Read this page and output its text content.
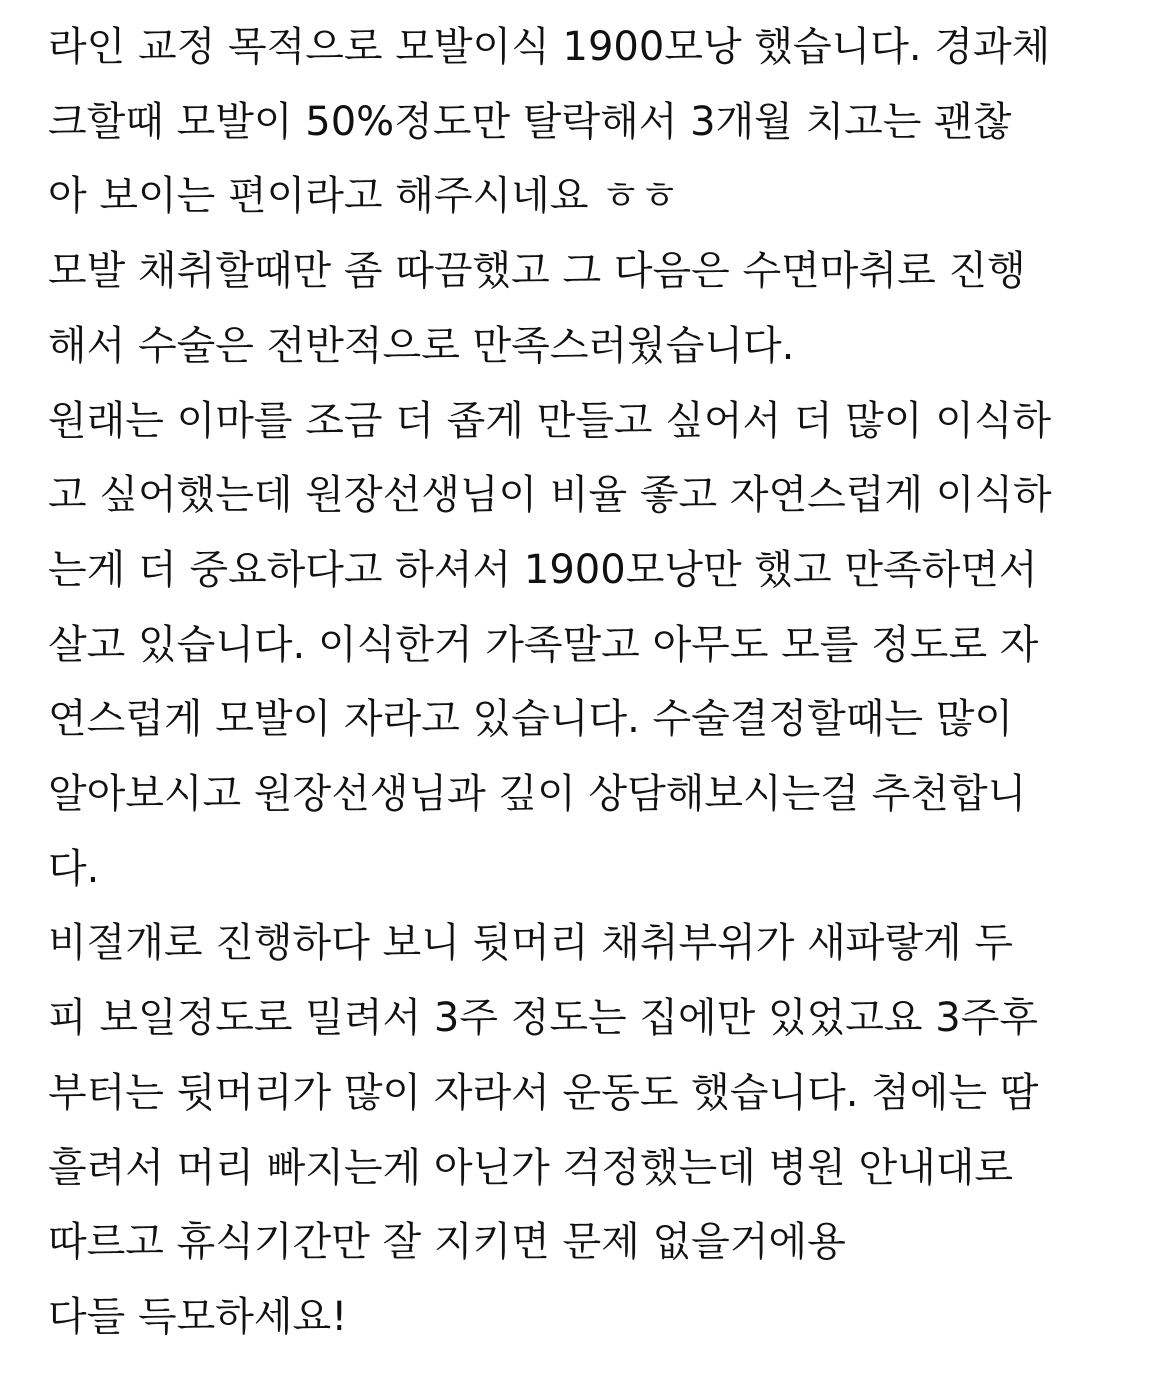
라인 교정 목적으로 모발이식 1900모낭 했습니다. 경과체
크할때 모발이 50%정도만 탈락해서 3개월 치고는 괜찮
아 보이는 편이라고 해주시네요 ㅎㅎ
모발 채취할때만 좀 따끔했고 그 다음은 수면마취로 진행
해서 수술은 전반적으로 만족스러웠습니다.
원래는 이마를 조금 더 좁게 만들고 싶어서 더 많이 이식하
고 싶어했는데 원장선생님이 비율 좋고 자연스럽게 이식하
는게 더 중요하다고 하셔서 1900모낭만 했고 만족하면서
살고 있습니다. 이식한거 가족말고 아무도 모를 정도로 자
연스럽게 모발이 자라고 있습니다. 수술결정할때는 많이
알아보시고 원장선생님과 깊이 상담해보시는걸 추천합니
다.
비절개로 진행하다 보니 뒷머리 채취부위가 새파랗게 두
피 보일정도로 밀려서 3주 정도는 집에만 있었고요 3주후
부터는 뒷머리가 많이 자라서 운동도 했습니다. 첨에는 땀
흘려서 머리 빠지는게 아닌가 걱정했는데 병원 안내대로
따르고 휴식기간만 잘 지키면 문제 없을거에용
다들 득모하세요!
